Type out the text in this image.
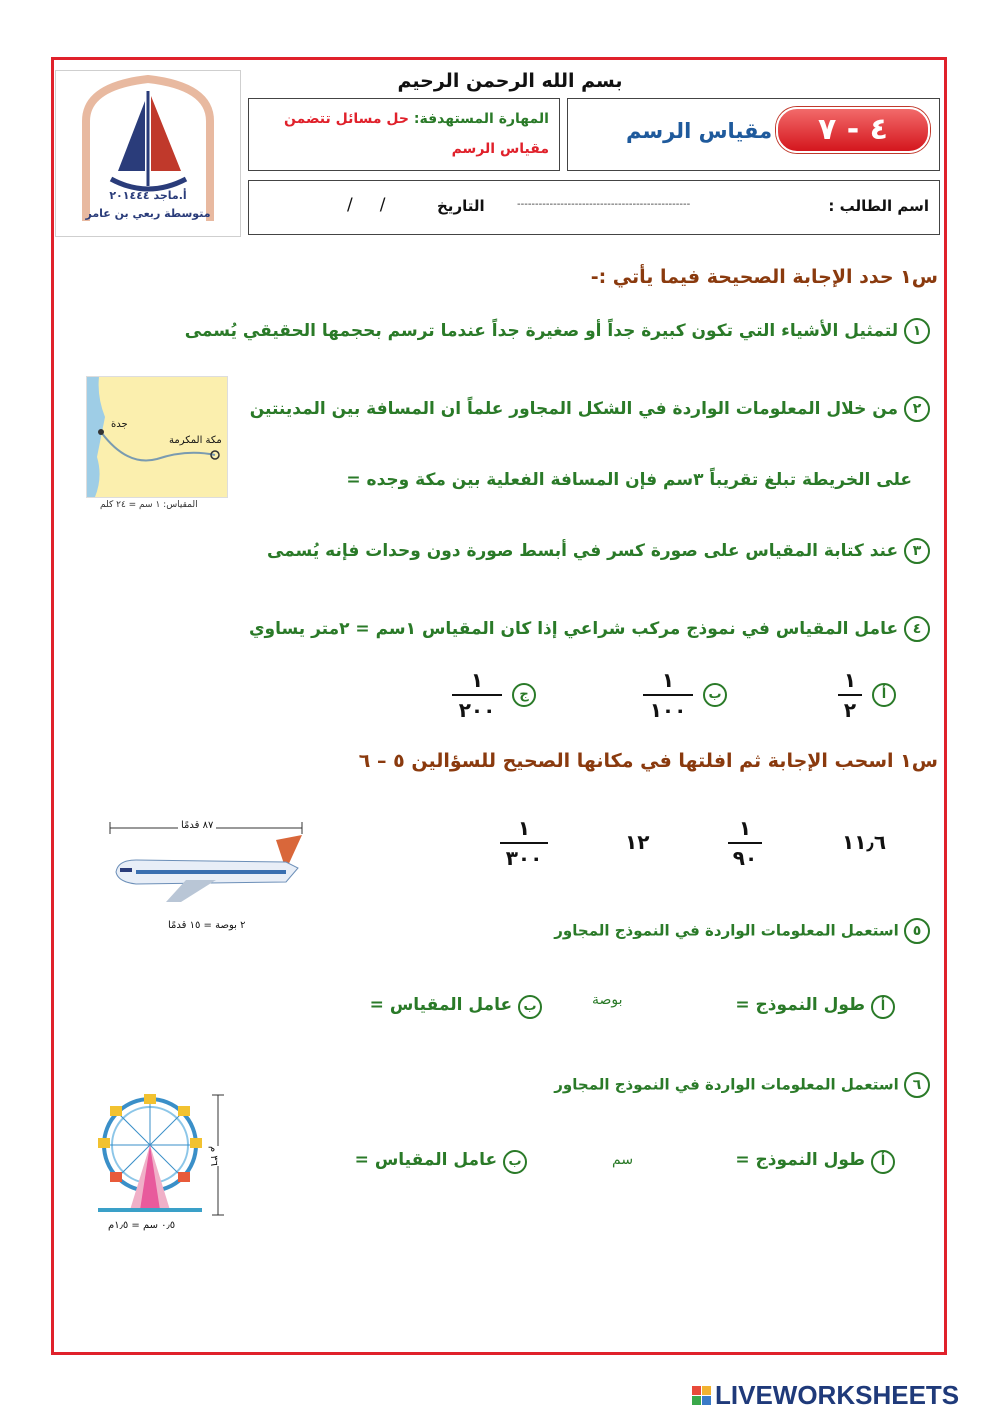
أ.ماجد ٢٠١٤٤٤
متوسطة ربعي بن عامر
بسم الله الرحمن الرحيم
المهارة المستهدفة: حل مسائل تتضمن
مقياس الرسم
٤ - ٧
مقياس الرسم
اسم الطالب :
------------------------------------------------
التاريخ
/     /
س١ حدد الإجابة الصحيحة فيما يأتي :-
١ لتمثيل الأشياء التي تكون كبيرة جداً أو صغيرة جداً عندما ترسم بحجمها الحقيقي يُسمى
جدة
مكة المكرمة
المقياس: ١ سم = ٢٤ كلم
٢ من خلال المعلومات الواردة في الشكل المجاور علماً ان المسافة بين المدينتين
على الخريطة تبلغ تقريباً ٣سم فإن المسافة الفعلية بين مكة وجده =
٣ عند كتابة المقياس على صورة كسر في أبسط صورة دون وحدات فإنه يُسمى
٤ عامل المقياس في نموذج مركب شراعي إذا كان المقياس ١سم = ٢متر يساوي
$\frac{١}{٢}$	أ
$\frac{١}{١٠٠}$	ب
$\frac{١}{٢٠٠}$	ج
س١ اسحب الإجابة ثم افلتها في مكانها الصحيح للسؤالين ٥ – ٦
٨٧ قدمًا
٢ بوصة = ١٥ قدمًا
١١٫٦
١
٩٠
١٢
١
٣٠٠
٥ استعمل المعلومات الواردة في النموذج المجاور
أ طول النموذج =
بوصة
ب عامل المقياس =
٣٦ م
٠٫٥ سم = ١٫٥م
٦ استعمل المعلومات الواردة في النموذج المجاور
أ طول النموذج =
سم
ب عامل المقياس =
LIVEWORKSHEETS
